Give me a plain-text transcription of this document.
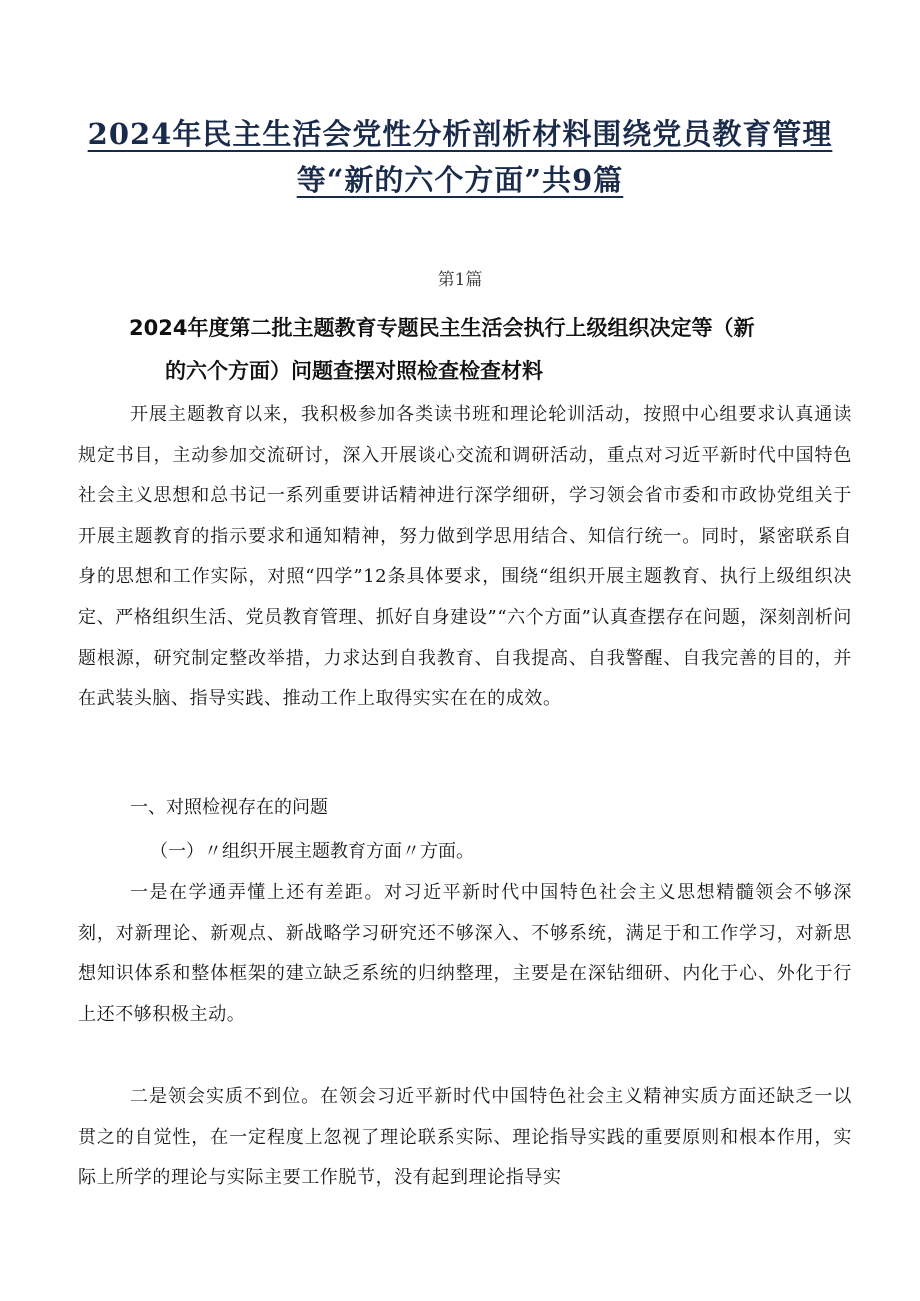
2024年民主生活会党性分析剖析材料围绕党员教育管理
等“新的六个方面”共9篇
第1篇
2024年度第二批主题教育专题民主生活会执行上级组织决定等（新
的六个方面）问题查摆对照检查检查材料
开展主题教育以来，我积极参加各类读书班和理论轮训活动，按照中心组要求认真通读规定书目，主动参加交流研讨，深入开展谈心交流和调研活动，重点对习近平新时代中国特色社会主义思想和总书记一系列重要讲话精神进行深学细研，学习领会省市委和市政协党组关于开展主题教育的指示要求和通知精神，努力做到学思用结合、知信行统一。同时，紧密联系自身的思想和工作实际，对照“四学”12条具体要求，围绕“组织开展主题教育、执行上级组织决定、严格组织生活、党员教育管理、抓好自身建设”“六个方面”认真查摆存在问题，深刻剖析问题根源，研究制定整改举措，力求达到自我教育、自我提高、自我警醒、自我完善的目的，并在武装头脑、指导实践、推动工作上取得实实在在的成效。
一、对照检视存在的问题
（一）〃组织开展主题教育方面〃方面。
一是在学通弄懂上还有差距。对习近平新时代中国特色社会主义思想精髓领会不够深刻，对新理论、新观点、新战略学习研究还不够深入、不够系统，满足于和工作学习，对新思想知识体系和整体框架的建立缺乏系统的归纳整理，主要是在深钻细研、内化于心、外化于行上还不够积极主动。
二是领会实质不到位。在领会习近平新时代中国特色社会主义精神实质方面还缺乏一以贯之的自觉性，在一定程度上忽视了理论联系实际、理论指导实践的重要原则和根本作用，实际上所学的理论与实际主要工作脱节，没有起到理论指导实
